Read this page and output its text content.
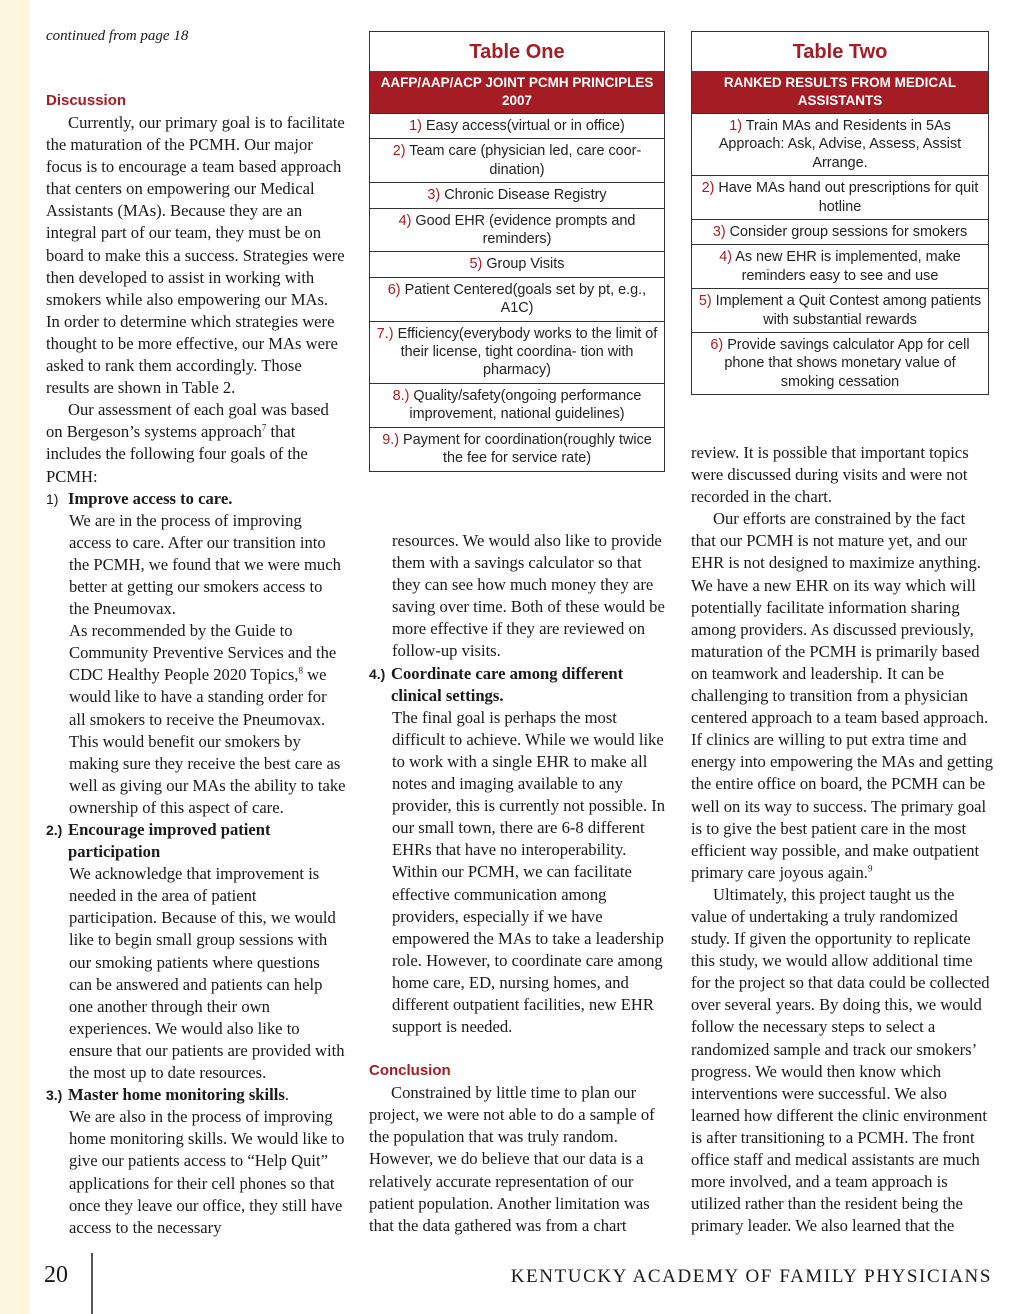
continued from page 18
Discussion

Currently, our primary goal is to facilitate the maturation of the PCMH. Our major focus is to encourage a team based approach that centers on empowering our Medical Assistants (MAs). Because they are an integral part of our team, they must be on board to make this a success. Strategies were then developed to assist in working with smokers while also empowering our MAs. In order to determine which strategies were thought to be more effective, our MAs were asked to rank them accordingly. Those results are shown in Table 2.

Our assessment of each goal was based on Bergeson’s systems approach$^7$ that includes the following four goals of the PCMH:

1) Improve access to care.

We are in the process of improving access to care. After our transition into the PCMH, we found that we were much better at getting our smokers access to the Pneumovax.

As recommended by the Guide to Community Preventive Services and the CDC Healthy People 2020 Topics,$^8$ we would like to have a standing order for all smokers to receive the Pneumovax. This would benefit our smokers by making sure they receive the best care as well as giving our MAs the ability to take ownership of this aspect of care.

2.) Encourage improved patient participation

We acknowledge that improvement is needed in the area of patient participation. Because of this, we would like to begin small group sessions with our smoking patients where questions can be answered and patients can help one another through their own experiences. We would also like to ensure that our patients are provided with the most up to date resources.

3.) Master home monitoring skills.

We are also in the process of improving home monitoring skills. We would like to give our patients access to “Help Quit” applications for their cell phones so that once they leave our office, they still have access to the necessary

Table One
AAFP/AAP/ACP JOINT PCMH PRINCIPLES 2007
1) Easy access(virtual or in office)
2) Team care (physician led, care coor- dination)
3) Chronic Disease Registry
4) Good EHR (evidence prompts and reminders)
5) Group Visits
6) Patient Centered(goals set by pt, e.g., A1C)
7.) Efficiency(everybody works to the limit of their license, tight coordina- tion with pharmacy)
8.) Quality/safety(ongoing performance improvement, national guidelines)
9.) Payment for coordination(roughly twice the fee for service rate)
Table Two
RANKED RESULTS FROM MEDICAL ASSISTANTS
1) Train MAs and Residents in 5As Approach: Ask, Advise, Assess, Assist Arrange.
2) Have MAs hand out prescriptions for quit hotline
3) Consider group sessions for smokers
4) As new EHR is implemented, make reminders easy to see and use
5) Implement a Quit Contest among patients with substantial rewards
6) Provide savings calculator App for cell phone that shows monetary value of smoking cessation

resources. We would also like to provide them with a savings calculator so that they can see how much money they are saving over time. Both of these would be more effective if they are reviewed on follow-up visits.

4.) Coordinate care among different clinical settings.

The final goal is perhaps the most difficult to achieve. While we would like to work with a single EHR to make all notes and imaging available to any provider, this is currently not possible. In our small town, there are 6-8 different EHRs that have no interoperability. Within our PCMH, we can facilitate effective communication among providers, especially if we have empowered the MAs to take a leadership role. However, to coordinate care among home care, ED, nursing homes, and different outpatient facilities, new EHR support is needed.

Conclusion

Constrained by little time to plan our project, we were not able to do a sample of the population that was truly random. However, we do believe that our data is a relatively accurate representation of our patient population. Another limitation was that the data gathered was from a chart

review. It is possible that important topics were discussed during visits and were not recorded in the chart.

Our efforts are constrained by the fact that our PCMH is not mature yet, and our EHR is not designed to maximize anything. We have a new EHR on its way which will potentially facilitate information sharing among providers. As discussed previously, maturation of the PCMH is primarily based on teamwork and leadership. It can be challenging to transition from a physician centered approach to a team based approach. If clinics are willing to put extra time and energy into empowering the MAs and getting the entire office on board, the PCMH can be well on its way to success. The primary goal is to give the best patient care in the most efficient way possible, and make outpatient primary care joyous again.$^9$

Ultimately, this project taught us the value of undertaking a truly randomized study. If given the opportunity to replicate this study, we would allow additional time for the project so that data could be collected over several years. By doing this, we would follow the necessary steps to select a randomized sample and track our smokers’ progress. We would then know which interventions were successful. We also learned how different the clinic environment is after transitioning to a PCMH. The front office staff and medical assistants are much more involved, and a team approach is utilized rather than the resident being the primary leader. We also learned that the

20	KENTUCKY ACADEMY OF FAMILY PHYSICIANS
